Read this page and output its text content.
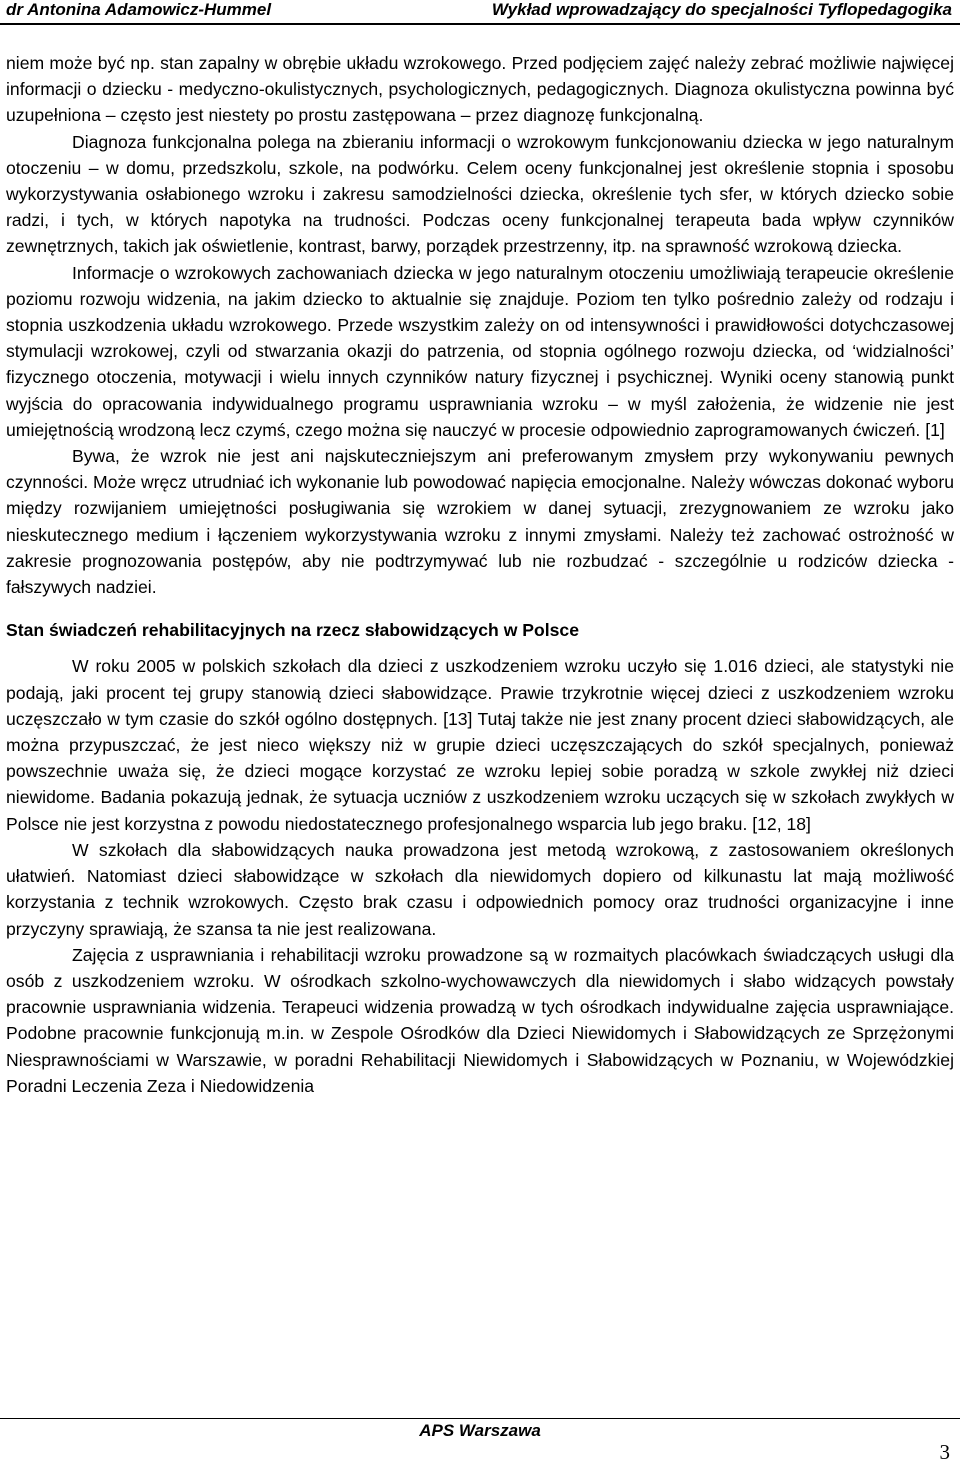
dr Antonina Adamowicz-Hummel	Wykład wprowadzający do specjalności Tyflopedagogika

niem może być np. stan zapalny w obrębie układu wzrokowego. Przed podjęciem zajęć należy zebrać możliwie najwięcej informacji o dziecku - medyczno-okulistycznych, psychologicznych, pedagogicznych. Diagnoza okulistyczna powinna być uzupełniona – często jest niestety po prostu zastępowana – przez diagnozę funkcjonalną.

Diagnoza funkcjonalna polega na zbieraniu informacji o wzrokowym funkcjonowaniu dziecka w jego naturalnym otoczeniu – w domu, przedszkolu, szkole, na podwórku. Celem oceny funkcjonalnej jest określenie stopnia i sposobu wykorzystywania osłabionego wzroku i zakresu samodzielności dziecka, określenie tych sfer, w których dziecko sobie radzi, i tych, w których napotyka na trudności. Podczas oceny funkcjonalnej terapeuta bada wpływ czynników zewnętrznych, takich jak oświetlenie, kontrast, barwy, porządek przestrzenny, itp. na sprawność wzrokową dziecka.

Informacje o wzrokowych zachowaniach dziecka w jego naturalnym otoczeniu umożliwiają terapeucie określenie poziomu rozwoju widzenia, na jakim dziecko to aktualnie się znajduje. Poziom ten tylko pośrednio zależy od rodzaju i stopnia uszkodzenia układu wzrokowego. Przede wszystkim zależy on od intensywności i prawidłowości dotychczasowej stymulacji wzrokowej, czyli od stwarzania okazji do patrzenia, od stopnia ogólnego rozwoju dziecka, od ‘widzialności’ fizycznego otoczenia, motywacji i wielu innych czynników natury fizycznej i psychicznej. Wyniki oceny stanowią punkt wyjścia do opracowania indywidualnego programu usprawniania wzroku – w myśl założenia, że widzenie nie jest umiejętnością wrodzoną lecz czymś, czego można się nauczyć w procesie odpowiednio zaprogramowanych ćwiczeń. [1]

Bywa, że wzrok nie jest ani najskuteczniejszym ani preferowanym zmysłem przy wykonywaniu pewnych czynności. Może wręcz utrudniać ich wykonanie lub powodować napięcia emocjonalne. Należy wówczas dokonać wyboru między rozwijaniem umiejętności posługiwania się wzrokiem w danej sytuacji, zrezygnowaniem ze wzroku jako nieskutecznego medium i łączeniem wykorzystywania wzroku z innymi zmysłami. Należy też zachować ostrożność w zakresie prognozowania postępów, aby nie podtrzymywać lub nie rozbudzać - szczególnie u rodziców dziecka - fałszywych nadziei.

Stan świadczeń rehabilitacyjnych na rzecz słabowidzących w Polsce

W roku 2005 w polskich szkołach dla dzieci z uszkodzeniem wzroku uczyło się 1.016 dzieci, ale statystyki nie podają, jaki procent tej grupy stanowią dzieci słabowidzące. Prawie trzykrotnie więcej dzieci z uszkodzeniem wzroku uczęszczało w tym czasie do szkół ogólno dostępnych. [13] Tutaj także nie jest znany procent dzieci słabowidzących, ale można przypuszczać, że jest nieco większy niż w grupie dzieci uczęszczających do szkół specjalnych, ponieważ powszechnie uważa się, że dzieci mogące korzystać ze wzroku lepiej sobie poradzą w szkole zwykłej niż dzieci niewidome. Badania pokazują jednak, że sytuacja uczniów z uszkodzeniem wzroku uczących się w szkołach zwykłych w Polsce nie jest korzystna z powodu niedostatecznego profesjonalnego wsparcia lub jego braku. [12, 18]

W szkołach dla słabowidzących nauka prowadzona jest metodą wzrokową, z zastosowaniem określonych ułatwień. Natomiast dzieci słabowidzące w szkołach dla niewidomych dopiero od kilkunastu lat mają możliwość korzystania z technik wzrokowych. Często brak czasu i odpowiednich pomocy oraz trudności organizacyjne i inne przyczyny sprawiają, że szansa ta nie jest realizowana.

Zajęcia z usprawniania i rehabilitacji wzroku prowadzone są w rozmaitych placówkach świadczących usługi dla osób z uszkodzeniem wzroku. W ośrodkach szkolno-wychowawczych dla niewidomych i słabo widzących powstały pracownie usprawniania widzenia. Terapeuci widzenia prowadzą w tych ośrodkach indywidualne zajęcia usprawniające. Podobne pracownie funkcjonują m.in. w Zespole Ośrodków dla Dzieci Niewidomych i Słabowidzących ze Sprzężonymi Niesprawnościami w Warszawie, w poradni Rehabilitacji Niewidomych i Słabowidzących w Poznaniu, w Wojewódzkiej Poradni Leczenia Zeza i Niedowidzenia

APS Warszawa
3
